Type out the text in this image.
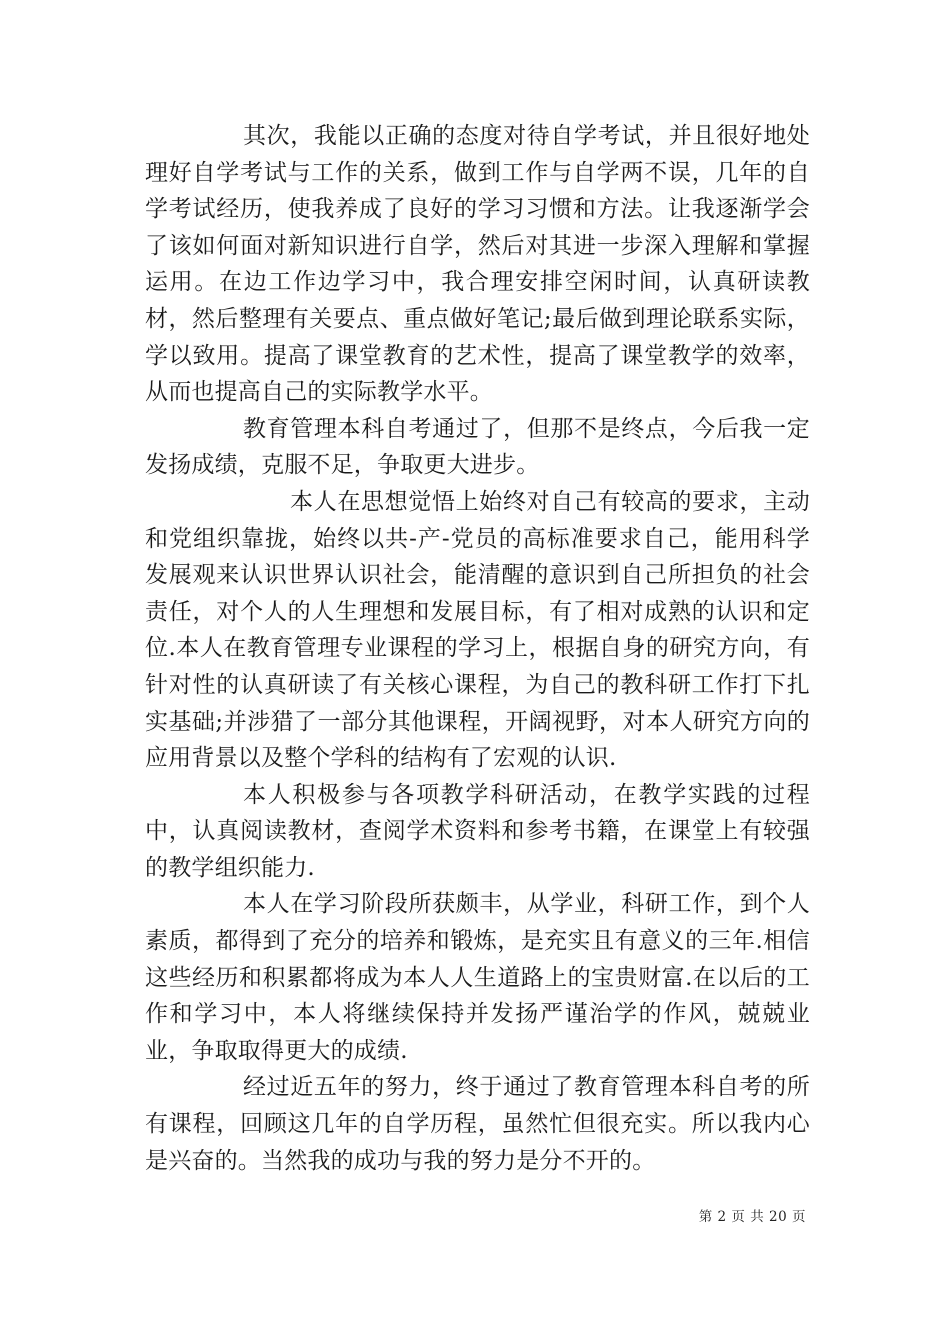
其次，我能以正确的态度对待自学考试，并且很好地处理好自学考试与工作的关系，做到工作与自学两不误，几年的自学考试经历，使我养成了良好的学习习惯和方法。让我逐渐学会了该如何面对新知识进行自学，然后对其进一步深入理解和掌握运用。在边工作边学习中，我合理安排空闲时间，认真研读教材，然后整理有关要点、重点做好笔记;最后做到理论联系实际，学以致用。提高了课堂教育的艺术性，提高了课堂教学的效率，从而也提高自己的实际教学水平。

教育管理本科自考通过了，但那不是终点，今后我一定发扬成绩，克服不足，争取更大进步。

本人在思想觉悟上始终对自己有较高的要求，主动和党组织靠拢，始终以共-产-党员的高标准要求自己，能用科学发展观来认识世界认识社会，能清醒的意识到自己所担负的社会责任，对个人的人生理想和发展目标，有了相对成熟的认识和定位.本人在教育管理专业课程的学习上，根据自身的研究方向，有针对性的认真研读了有关核心课程，为自己的教科研工作打下扎实基础;并涉猎了一部分其他课程，开阔视野，对本人研究方向的应用背景以及整个学科的结构有了宏观的认识.

本人积极参与各项教学科研活动，在教学实践的过程中，认真阅读教材，查阅学术资料和参考书籍，在课堂上有较强的教学组织能力.

本人在学习阶段所获颇丰，从学业，科研工作，到个人素质，都得到了充分的培养和锻炼，是充实且有意义的三年.相信这些经历和积累都将成为本人人生道路上的宝贵财富.在以后的工作和学习中，本人将继续保持并发扬严谨治学的作风，兢兢业业，争取取得更大的成绩.

经过近五年的努力，终于通过了教育管理本科自考的所有课程，回顾这几年的自学历程，虽然忙但很充实。所以我内心是兴奋的。当然我的成功与我的努力是分不开的。

第 2 页 共 20 页
